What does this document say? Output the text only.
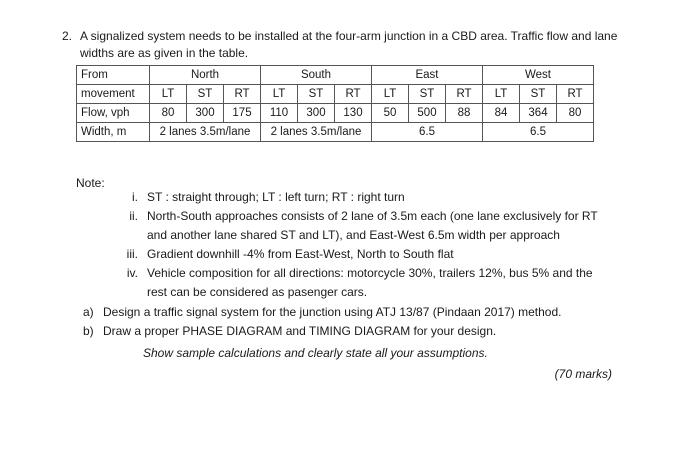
2. A signalized system needs to be installed at the four-arm junction in a CBD area. Traffic flow and lane widths are as given in the table.
From	North			South			East			West		
movement	LT	ST	RT	LT	ST	RT	LT	ST	RT	LT	ST	RT
Flow, vph	80	300	175	110	300	130	50	500	88	84	364	80
Width, m	2 lanes 3.5m/lane			2 lanes 3.5m/lane			6.5			6.5		
Note:
i. ST : straight through; LT : left turn; RT : right turn
ii. North-South approaches consists of 2 lane of 3.5m each (one lane exclusively for RT and another lane shared ST and LT), and East-West 6.5m width per approach
iii. Gradient downhill -4% from East-West, North to South flat
iv. Vehicle composition for all directions: motorcycle 30%, trailers 12%, bus 5% and the rest can be considered as pasenger cars.
a) Design a traffic signal system for the junction using ATJ 13/87 (Pindaan 2017) method.
b) Draw a proper PHASE DIAGRAM and TIMING DIAGRAM for your design.
Show sample calculations and clearly state all your assumptions.
(70 marks)
